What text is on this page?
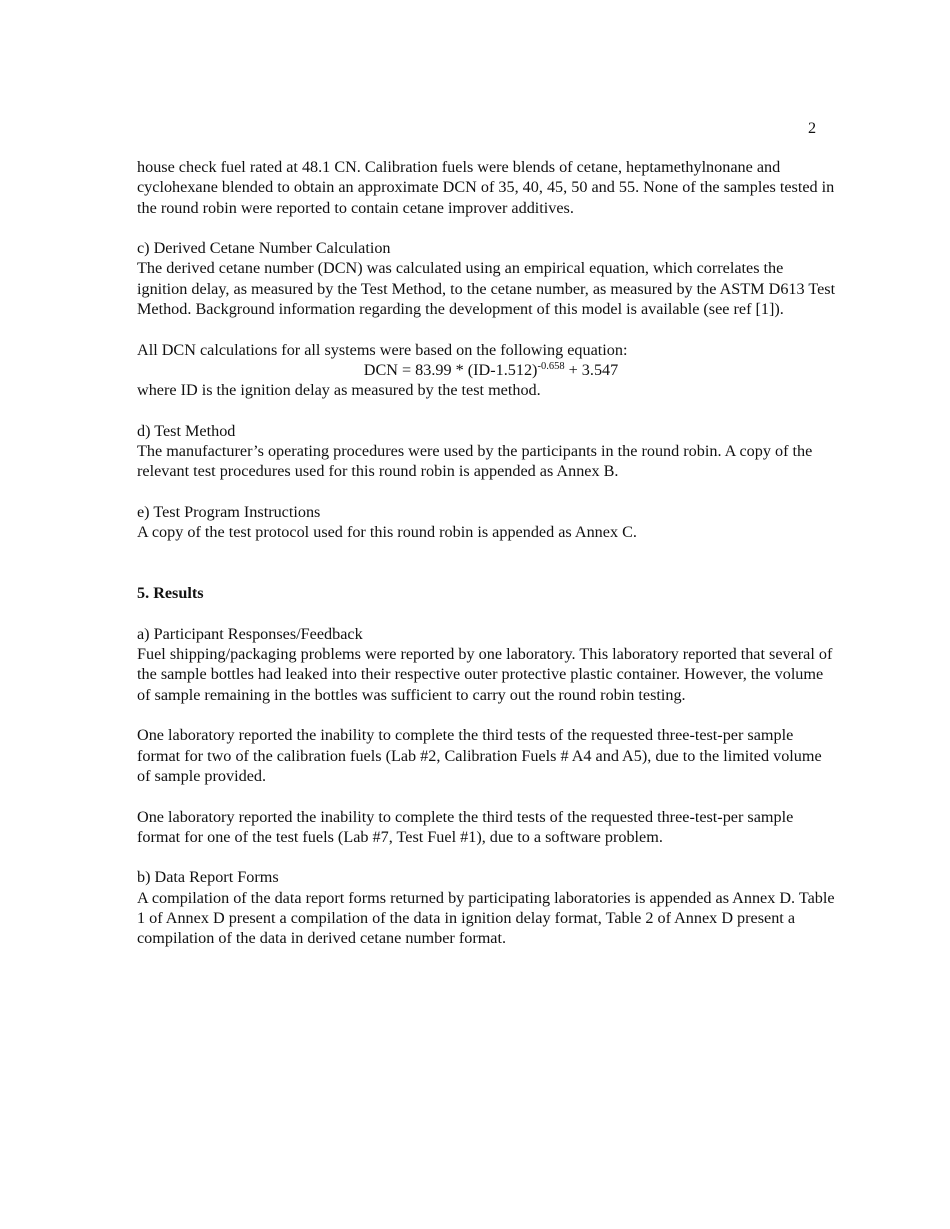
2

house check fuel rated at 48.1 CN. Calibration fuels were blends of cetane, heptamethylnonane and cyclohexane blended to obtain an approximate DCN of 35, 40, 45, 50 and 55. None of the samples tested in the round robin were reported to contain cetane improver additives.

c) Derived Cetane Number Calculation

The derived cetane number (DCN) was calculated using an empirical equation, which correlates the ignition delay, as measured by the Test Method, to the cetane number, as measured by the ASTM D613 Test Method. Background information regarding the development of this model is available (see ref [1]).

All DCN calculations for all systems were based on the following equation:

DCN = $83.99 * (ID-1.512)^{-0.658} + 3.547$

where ID is the ignition delay as measured by the test method.

d) Test Method

The manufacturer’s operating procedures were used by the participants in the round robin. A copy of the relevant test procedures used for this round robin is appended as Annex B.

e) Test Program Instructions

A copy of the test protocol used for this round robin is appended as Annex C.

5. Results

a) Participant Responses/Feedback

Fuel shipping/packaging problems were reported by one laboratory. This laboratory reported that several of the sample bottles had leaked into their respective outer protective plastic container. However, the volume of sample remaining in the bottles was sufficient to carry out the round robin testing.

One laboratory reported the inability to complete the third tests of the requested three-test-per sample format for two of the calibration fuels (Lab #2, Calibration Fuels # A4 and A5), due to the limited volume of sample provided.

One laboratory reported the inability to complete the third tests of the requested three-test-per sample format for one of the test fuels (Lab #7, Test Fuel #1), due to a software problem.

b) Data Report Forms

A compilation of the data report forms returned by participating laboratories is appended as Annex D. Table 1 of Annex D present a compilation of the data in ignition delay format, Table 2 of Annex D present a compilation of the data in derived cetane number format.
